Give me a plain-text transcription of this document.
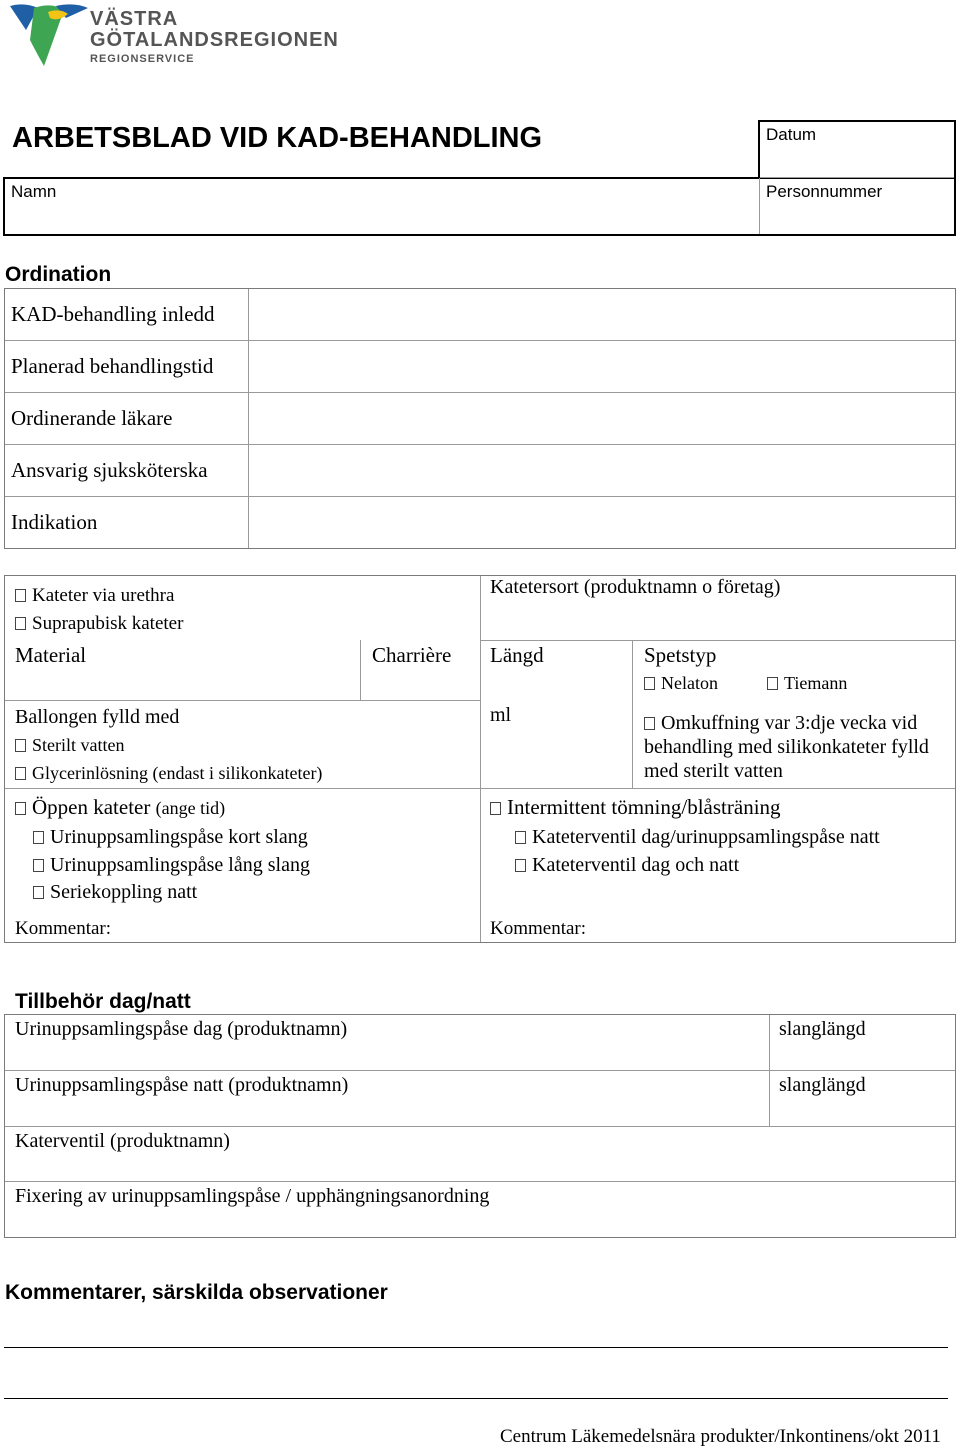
VÄSTRA
GÖTALANDSREGIONEN
REGIONSERVICE
ARBETSBLAD VID KAD-BEHANDLING	Datum
Namn	Personnummer
Ordination
KAD-behandling inledd
Planerad behandlingstid
Ordinerande läkare
Ansvarig sjuksköterska
Indikation
Kateter via urethra
Suprapubisk kateter
Material	Charrière
Katetersort (produktnamn o företag)
Längd	Spetstyp
Nelaton	Tiemann
Ballongen fylld med
Sterilt vatten
Glycerinlösning (endast i silikonkateter)
ml	Omkuffning var 3:dje vecka vid
behandling med silikonkateter fylld
med sterilt vatten
Öppen kateter (ange tid)
Urinuppsamlingspåse kort slang
Urinuppsamlingspåse lång slang
Seriekoppling natt
Kommentar:
Intermittent tömning/blåsträning
Kateterventil dag/urinuppsamlingspåse natt
Kateterventil dag och natt
Kommentar:
Tillbehör dag/natt
Urinuppsamlingspåse dag (produktnamn)	slanglängd
Urinuppsamlingspåse natt (produktnamn)	slanglängd
Katerventil (produktnamn)
Fixering av urinuppsamlingspåse / upphängningsanordning
Kommentarer, särskilda observationer
Centrum Läkemedelsnära produkter/Inkontinens/okt 2011
